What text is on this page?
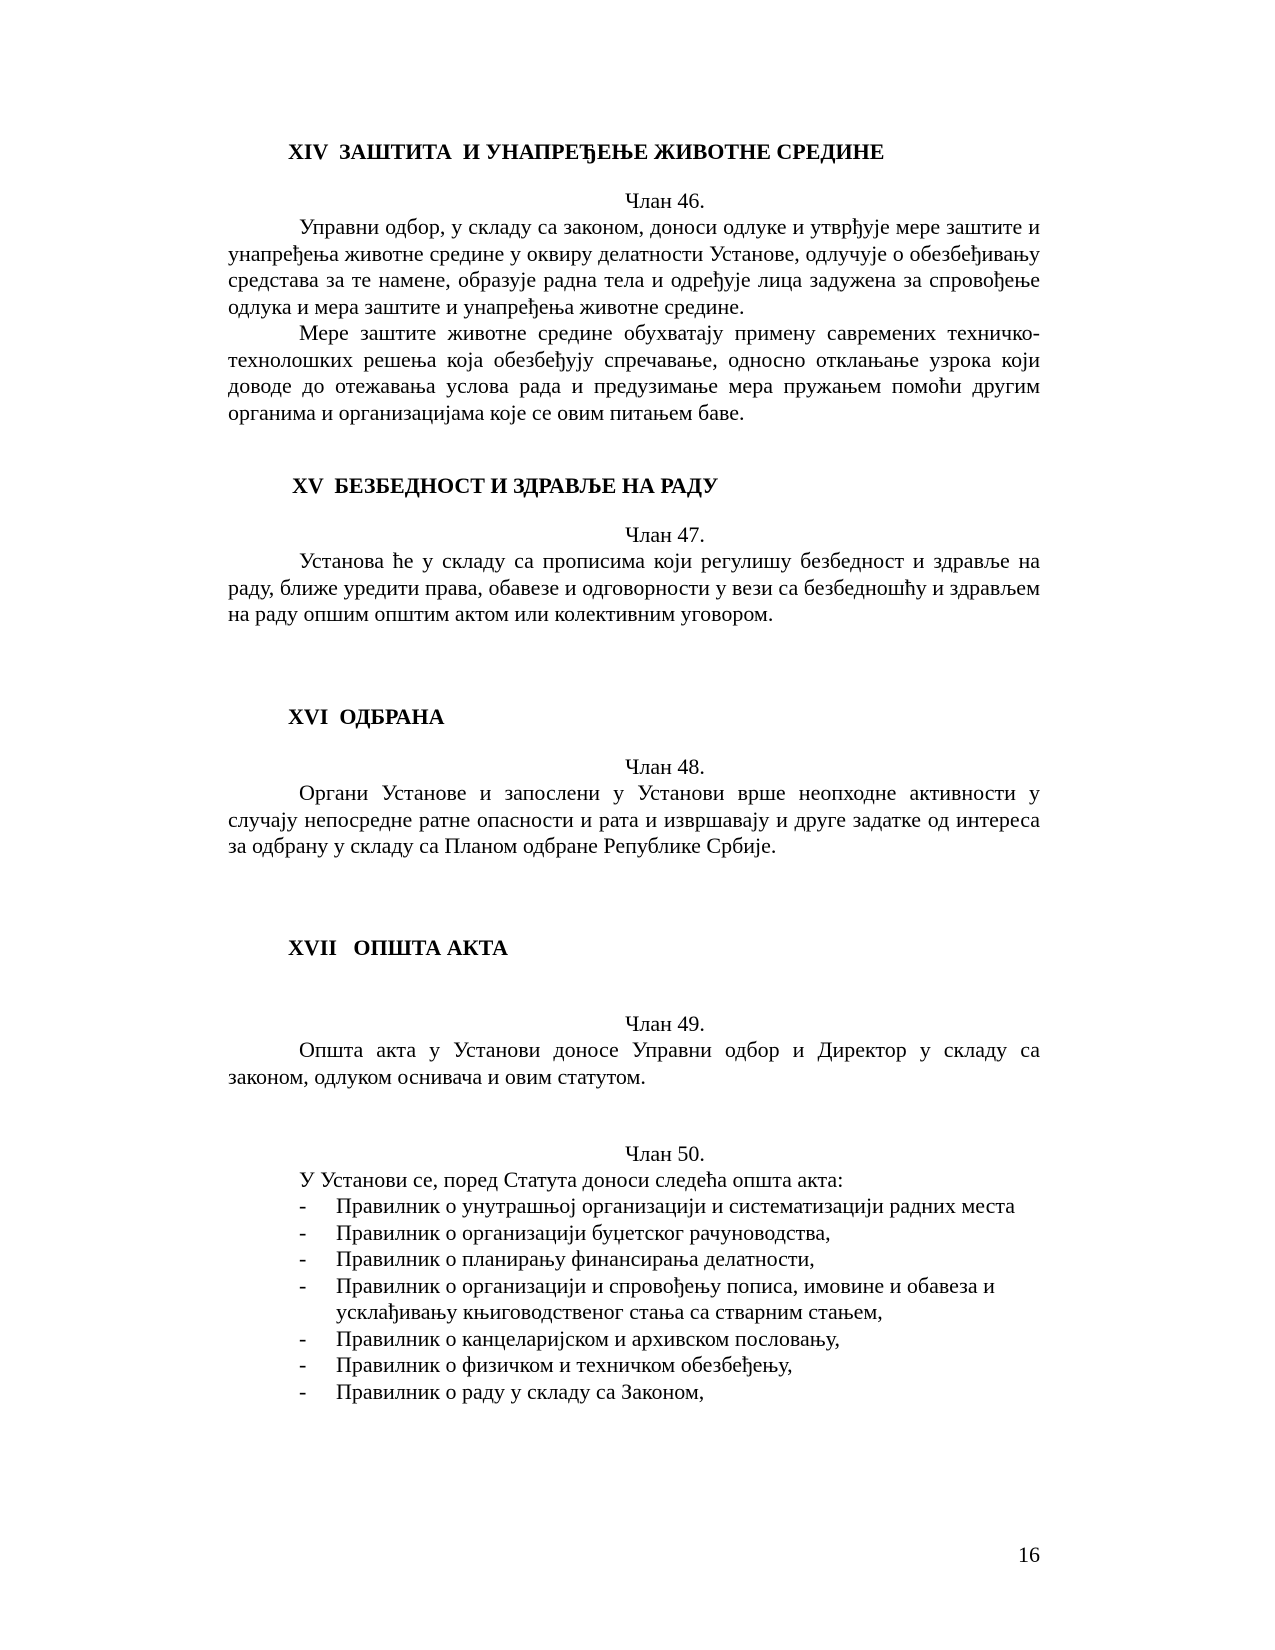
XIV  ЗАШТИТА  И УНАПРЕЂЕЊЕ ЖИВОТНЕ СРЕДИНЕ
Члан 46.

Управни одбор, у складу са законом, доноси одлуке и утврђује мере заштите и унапређења животне средине у оквиру делатности Установе, одлучује о обезбеђивању средстава за те намене, образује радна тела и одређује лица задужена за спровођење одлука и мера заштите и унапређења животне средине.

Мере заштите животне средине обухватају примену савремених техничко-технолошких решења која обезбеђују спречавање, односно отклањање узрока који доводе до отежавања услова рада и предузимање мера пружањем помоћи другим органима и организацијама које се овим питањем баве.

XV  БЕЗБЕДНОСТ И ЗДРАВЉЕ НА РАДУ
Члан 47.

Установа ће у складу са прописима који регулишу безбедност и здравље на раду, ближе уредити права, обавезе и одговорности у вези са безбедношћу и здрављем на раду опшим општим актом или колективним уговором.

XVI  ОДБРАНА
Члан 48.

Органи Установе и запослени у Установи врше неопходне активности у случају непосредне ратне опасности и рата и извршавају и друге задатке од интереса за одбрану у складу са Планом одбране Републике Србије.

XVII   ОПШТА АКТА
Члан 49.

Општа акта у Установи доносе Управни одбор и Директор у складу са законом, одлуком оснивача и овим статутом.

Члан 50.

У Установи се, поред Статута доноси следећа општа акта:

- Правилник о унутрашњој организацији и систематизацији радних места
- Правилник о организацији буџетског рачуноводства,
- Правилник о планирању финансирања делатности,
- Правилник о организацији и спровођењу пописа, имовине и обавеза и усклађивању књиговодственог стања са стварним стањем,
- Правилник о канцеларијском и архивском пословању,
- Правилник о физичком и техничком обезбеђењу,
- Правилник о раду у складу са Законом,
16
